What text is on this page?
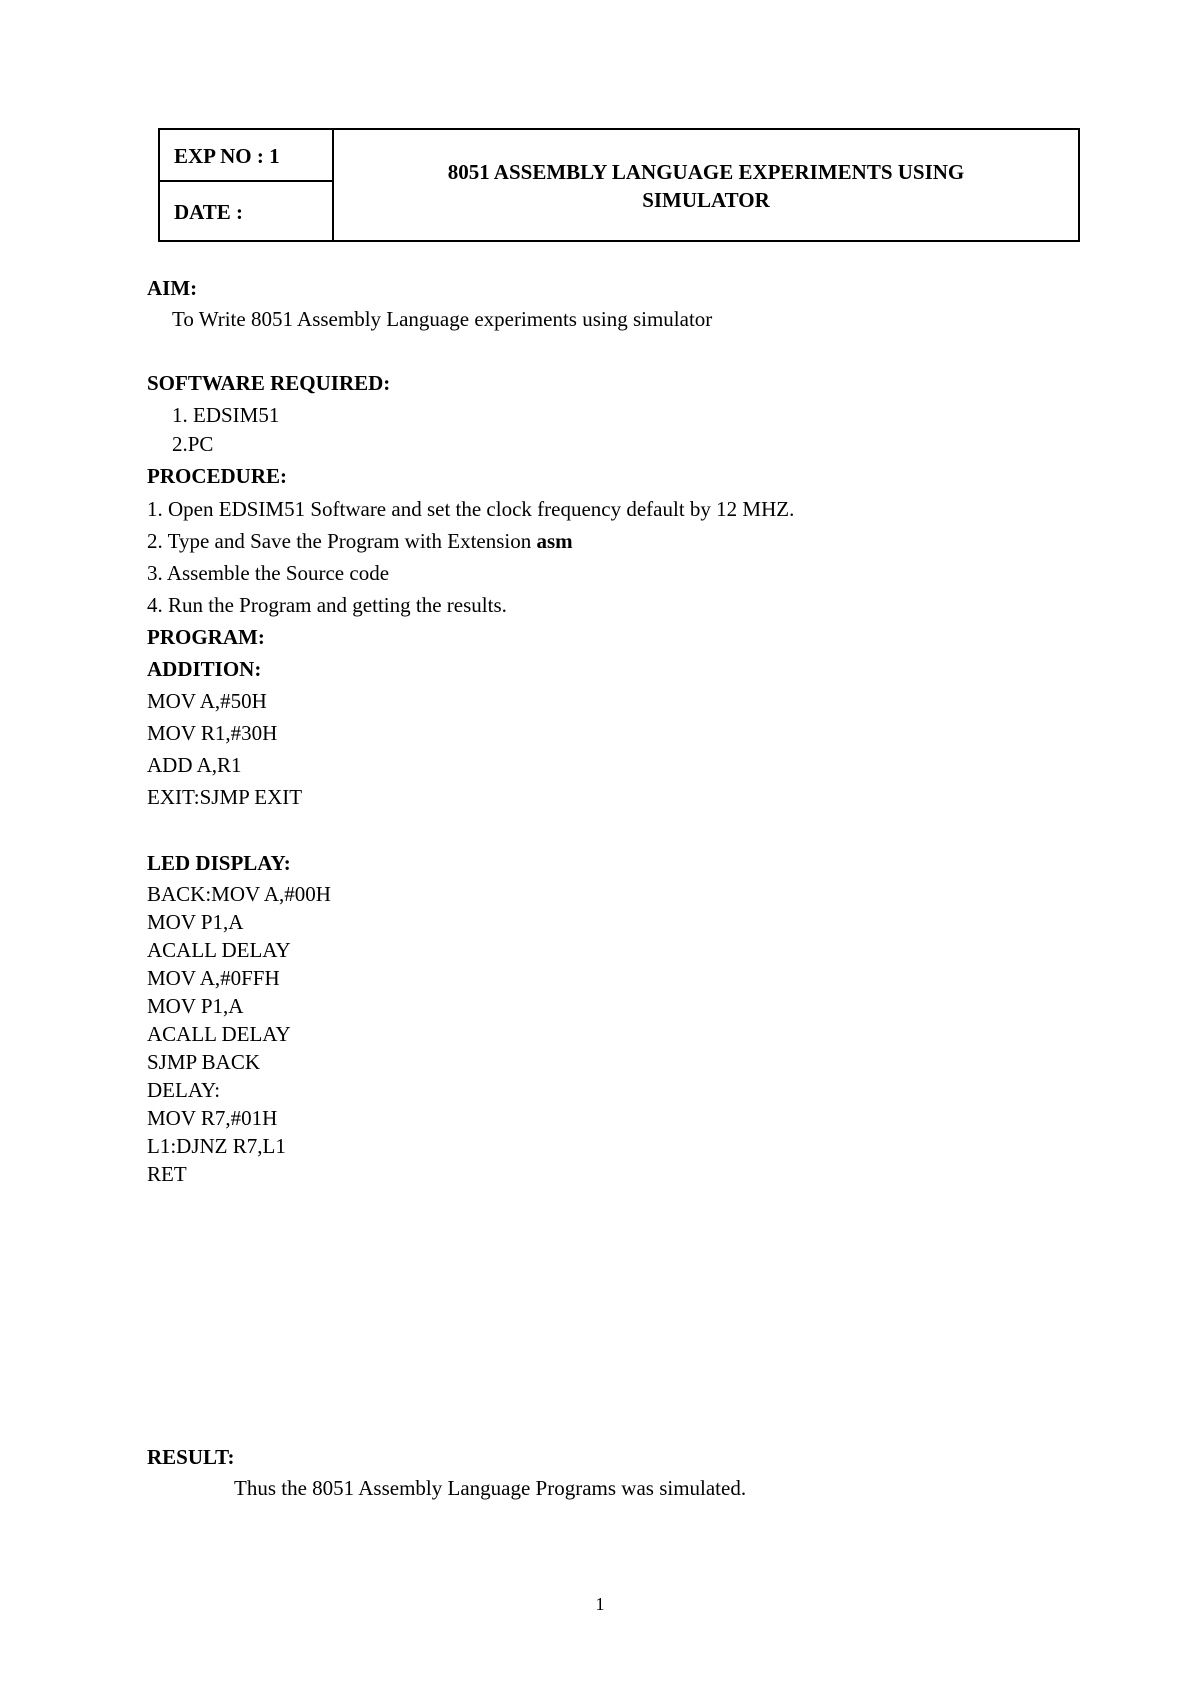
EXP NO : 1
DATE :
8051 ASSEMBLY LANGUAGE EXPERIMENTS USING
SIMULATOR
AIM:
To Write 8051 Assembly Language experiments using simulator
SOFTWARE REQUIRED:
1. EDSIM51
2.PC
PROCEDURE:
1. Open EDSIM51 Software and set the clock frequency default by 12 MHZ.
2. Type and Save the Program with Extension asm
3. Assemble the Source code
4. Run the Program and getting the results.
PROGRAM:
ADDITION:
MOV A,#50H
MOV R1,#30H
ADD A,R1
EXIT:SJMP EXIT
LED DISPLAY:
BACK:MOV A,#00H
MOV P1,A
ACALL DELAY
MOV A,#0FFH
MOV P1,A
ACALL DELAY
SJMP BACK
DELAY:
MOV R7,#01H
L1:DJNZ R7,L1
RET
RESULT:
Thus the 8051 Assembly Language Programs was simulated.
1
